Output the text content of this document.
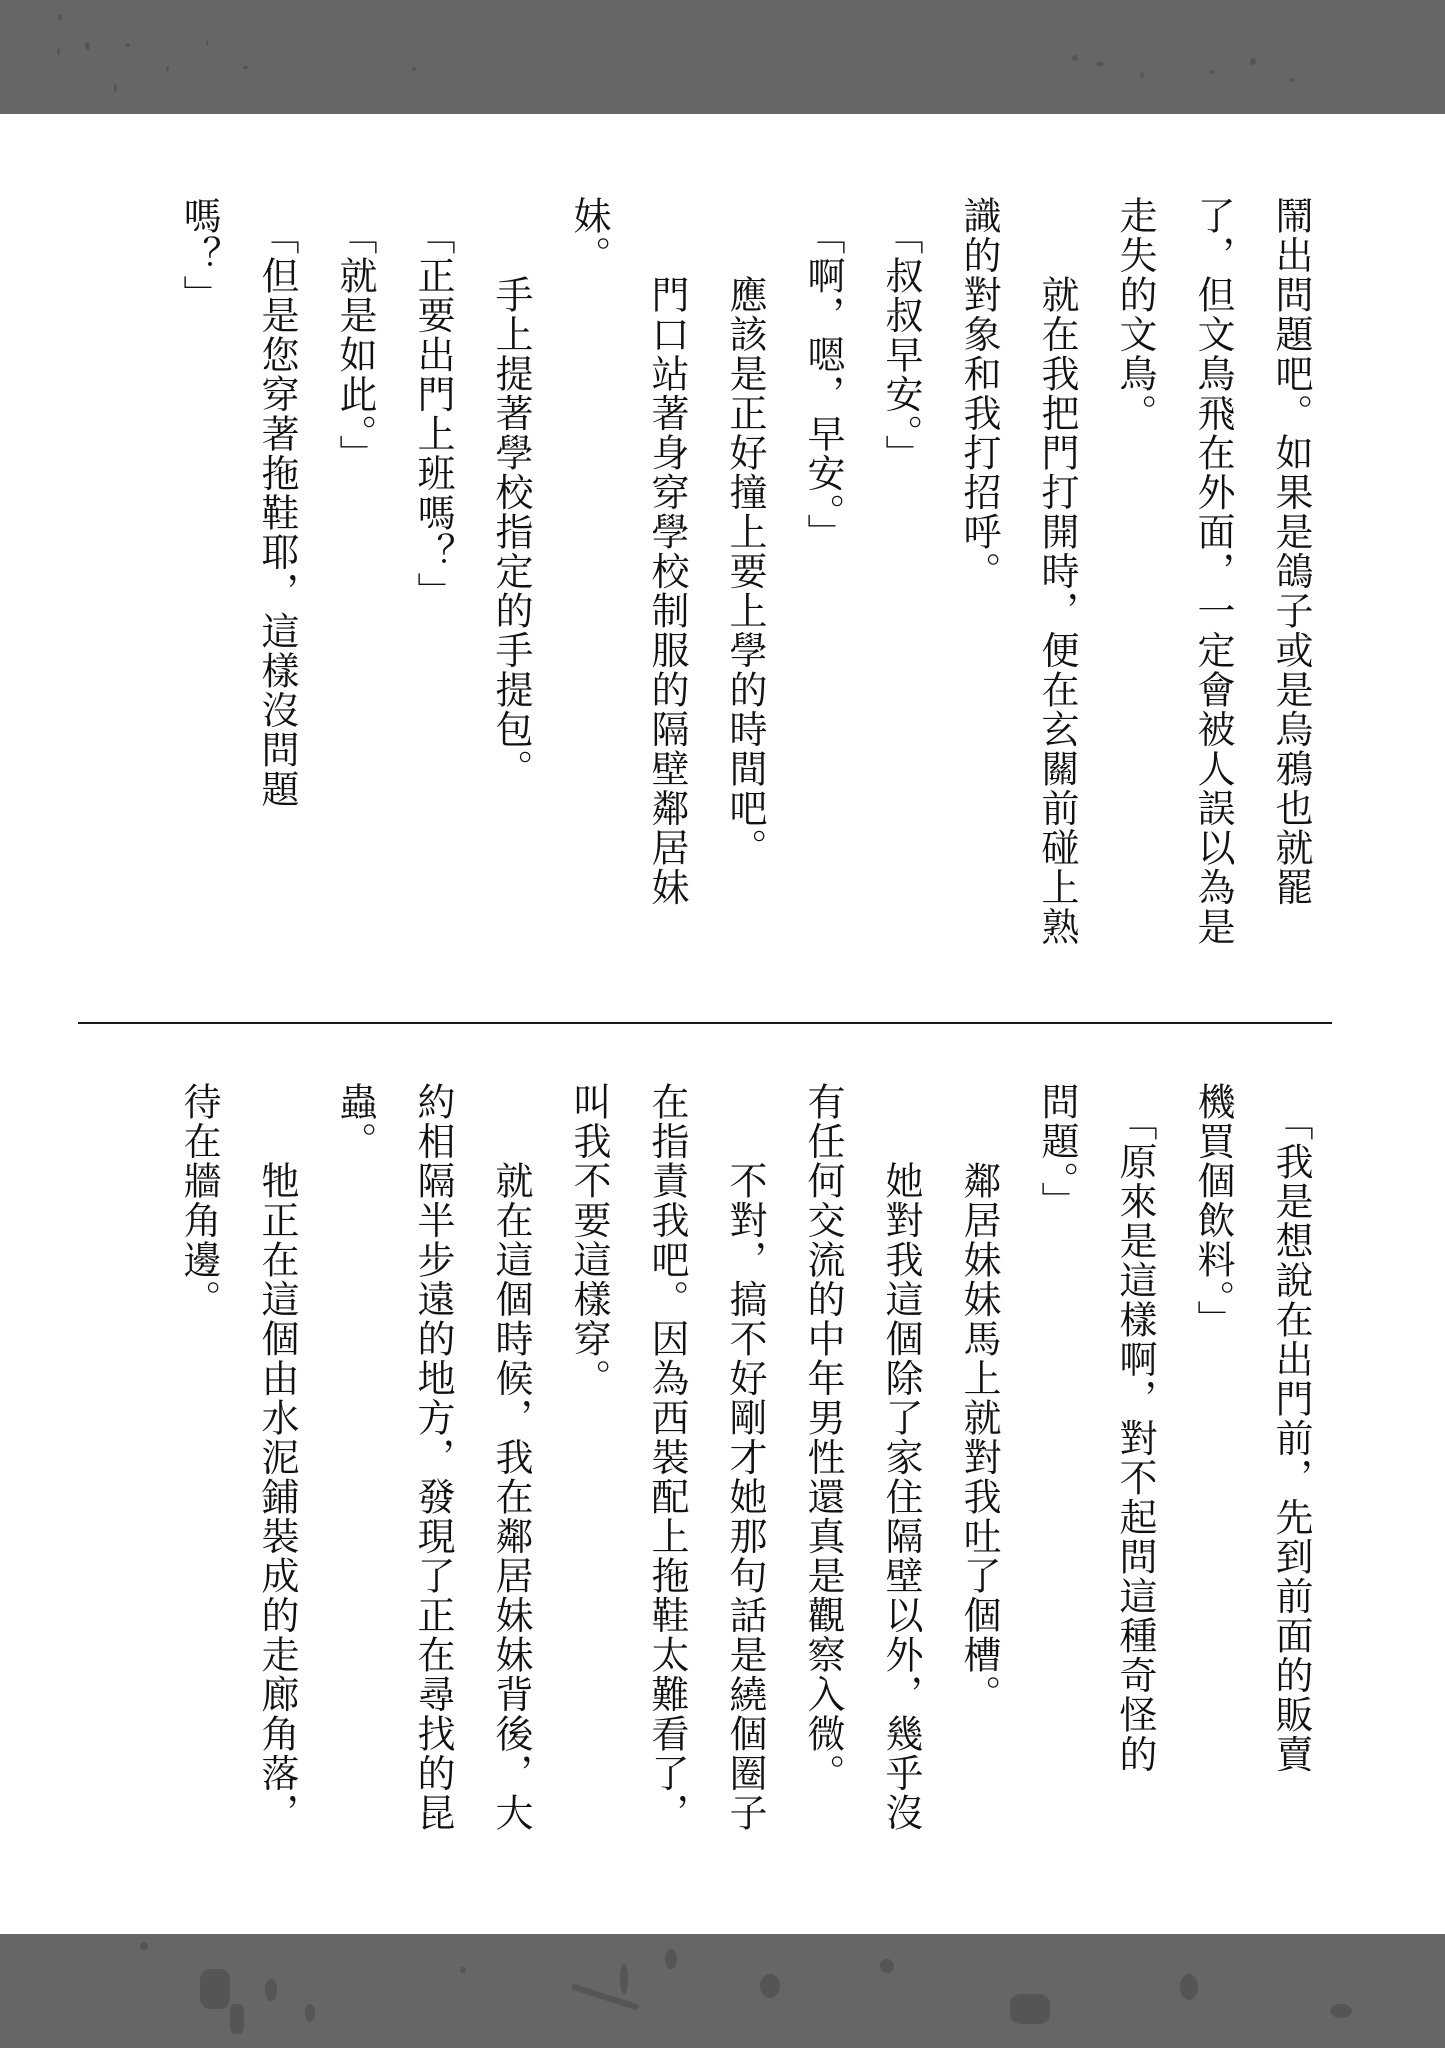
鬧出問題吧。如果是鴿子或是烏鴉也就罷
了，但文鳥飛在外面，一定會被人誤以為是
走失的文鳥。
　　就在我把門打開時，便在玄關前碰上熟
識的對象和我打招呼。
　「叔叔早安。」
　「啊，嗯，早安。」
　　應該是正好撞上要上學的時間吧。
　　門口站著身穿學校制服的隔壁鄰居妹
妹。
　　手上提著學校指定的手提包。
　「正要出門上班嗎？」
　「就是如此。」
　「但是您穿著拖鞋耶，這樣沒問題
嗎？」
　「我是想說在出門前，先到前面的販賣
機買個飲料。」
　「原來是這樣啊，對不起問這種奇怪的
問題。」
　　鄰居妹妹馬上就對我吐了個槽。
　　她對我這個除了家住隔壁以外，幾乎沒
有任何交流的中年男性還真是觀察入微。
　　不對，搞不好剛才她那句話是繞個圈子
在指責我吧。因為西裝配上拖鞋太難看了，
叫我不要這樣穿。
　　就在這個時候，我在鄰居妹妹背後，大
約相隔半步遠的地方，發現了正在尋找的昆
蟲。
　　牠正在這個由水泥鋪裝成的走廊角落，
待在牆角邊。
